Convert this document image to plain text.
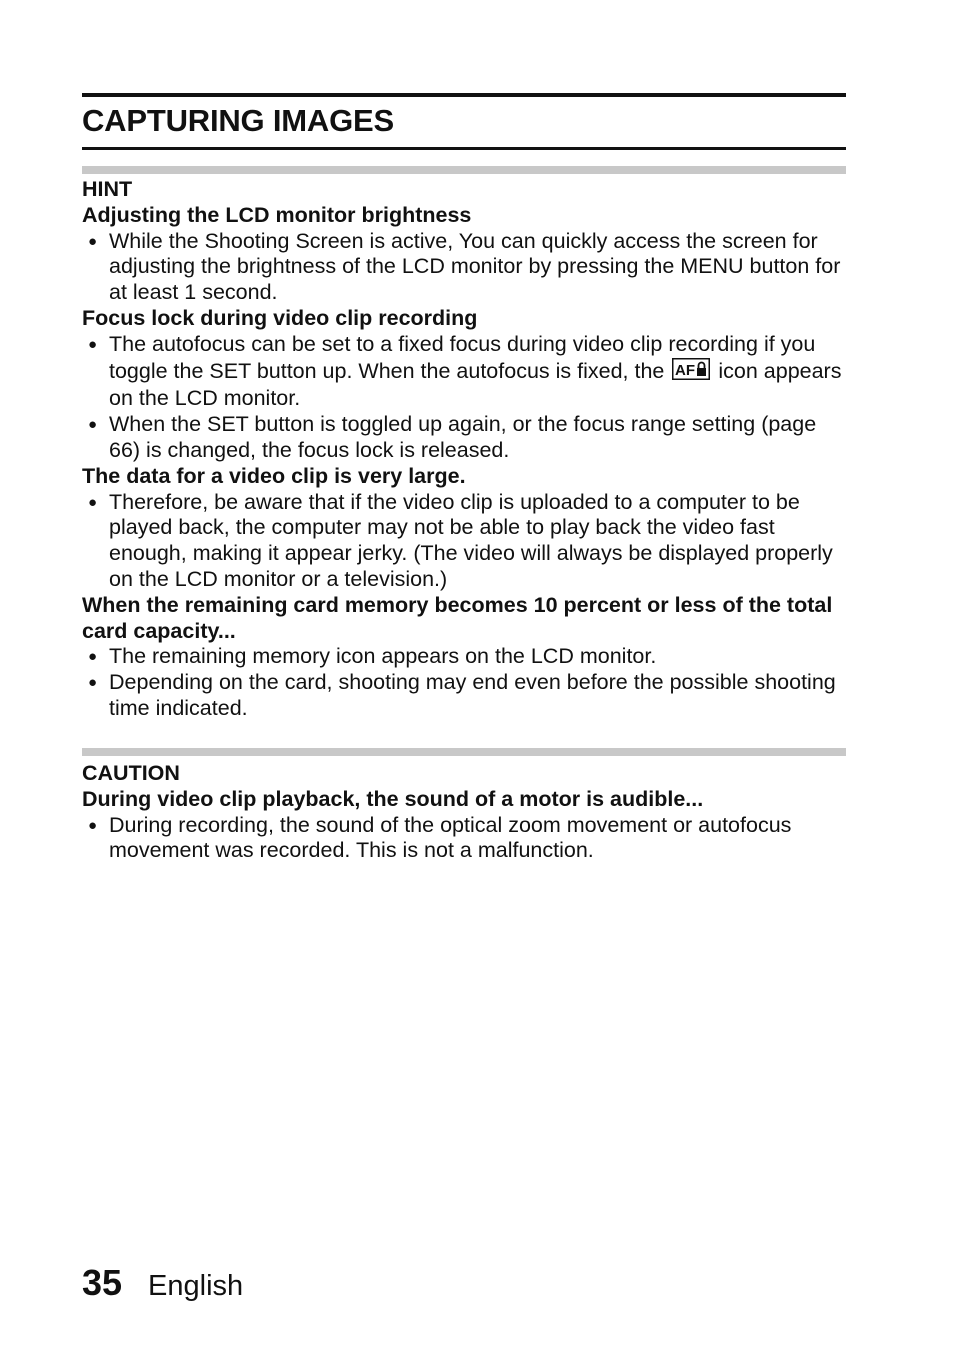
CAPTURING IMAGES
HINT
Adjusting the LCD monitor brightness
● While the Shooting Screen is active, You can quickly access the screen for adjusting the brightness of the LCD monitor by pressing the MENU button for at least 1 second.
Focus lock during video clip recording
● The autofocus can be set to a fixed focus during video clip recording if you toggle the SET button up. When the autofocus is fixed, the AF icon appears on the LCD monitor.
● When the SET button is toggled up again, or the focus range setting (page 66) is changed, the focus lock is released.
The data for a video clip is very large.
● Therefore, be aware that if the video clip is uploaded to a computer to be played back, the computer may not be able to play back the video fast enough, making it appear jerky. (The video will always be displayed properly on the LCD monitor or a television.)
When the remaining card memory becomes 10 percent or less of the total card capacity...
● The remaining memory icon appears on the LCD monitor.
● Depending on the card, shooting may end even before the possible shooting time indicated.
CAUTION
During video clip playback, the sound of a motor is audible...
● During recording, the sound of the optical zoom movement or autofocus movement was recorded. This is not a malfunction.
35 English
